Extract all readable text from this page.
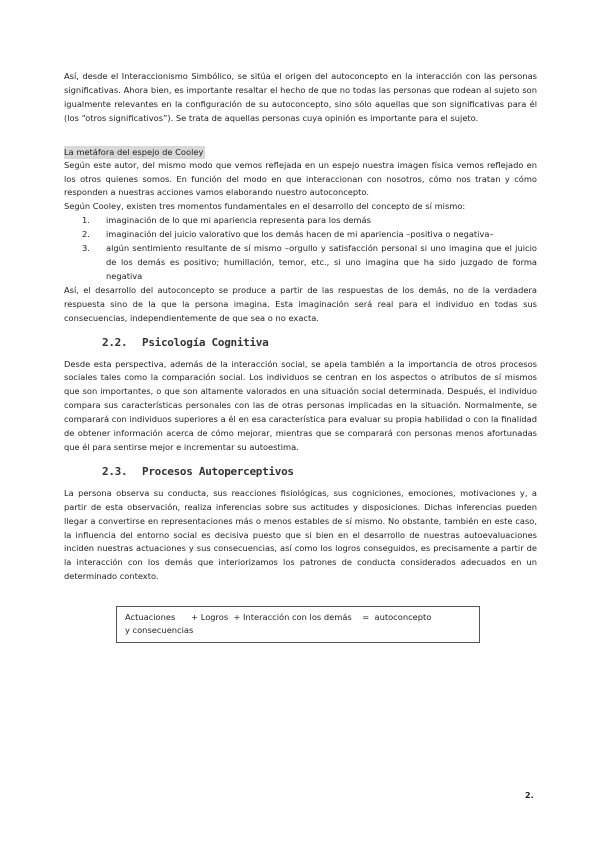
Así, desde el Interaccionismo Simbólico, se sitúa el origen del autoconcepto en la interacción con las personas significativas. Ahora bien, es importante resaltar el hecho de que no todas las personas que rodean al sujeto son igualmente relevantes en la configuración de su autoconcepto, sino sólo aquellas que son significativas para él (los “otros significativos”). Se trata de aquellas personas cuya opinión es importante para el sujeto.

La metáfora del espejo de Cooley

Según este autor, del mismo modo que vemos reflejada en un espejo nuestra imagen física vemos reflejado en los otros quienes somos. En función del modo en que interaccionan con nosotros, cómo nos tratan y cómo responden a nuestras acciones vamos elaborando nuestro autoconcepto.

Según Cooley, existen tres momentos fundamentales en el desarrollo del concepto de sí mismo:

1. imaginación de lo que mi apariencia representa para los demás
2. imaginación del juicio valorativo que los demás hacen de mi apariencia –positiva o negativa–
3. algún sentimiento resultante de sí mismo –orgullo y satisfacción personal si uno imagina que el juicio de los demás es positivo; humillación, temor, etc., si uno imagina que ha sido juzgado de forma negativa

Así, el desarrollo del autoconcepto se produce a partir de las respuestas de los demás, no de la verdadera respuesta sino de la que la persona imagina. Esta imaginación será real para el individuo en todas sus consecuencias, independientemente de que sea o no exacta.

2.2. Psicología Cognitiva

Desde esta perspectiva, además de la interacción social, se apela también a la importancia de otros procesos sociales tales como la comparación social. Los individuos se centran en los aspectos o atributos de sí mismos que son importantes, o que son altamente valorados en una situación social determinada. Después, el individuo compara sus características personales con las de otras personas implicadas en la situación. Normalmente, se comparará con individuos superiores a él en esa característica para evaluar su propia habilidad o con la finalidad de obtener información acerca de cómo mejorar, mientras que se comparará con personas menos afortunadas que él para sentirse mejor e incrementar su autoestima.

2.3. Procesos Autoperceptivos

La persona observa su conducta, sus reacciones fisiológicas, sus cogniciones, emociones, motivaciones y, a partir de esta observación, realiza inferencias sobre sus actitudes y disposiciones. Dichas inferencias pueden llegar a convertirse en representaciones más o menos estables de sí mismo. No obstante, también en este caso, la influencia del entorno social es decisiva puesto que si bien en el desarrollo de nuestras autoevaluaciones inciden nuestras actuaciones y sus consecuencias, así como los logros conseguidos, es precisamente a partir de la interacción con los demás que interiorizamos los patrones de conducta considerados adecuados en un determinado contexto.

Actuaciones      + Logros  + Interacción con los demás    =  autoconcepto
y consecuencias
2.
